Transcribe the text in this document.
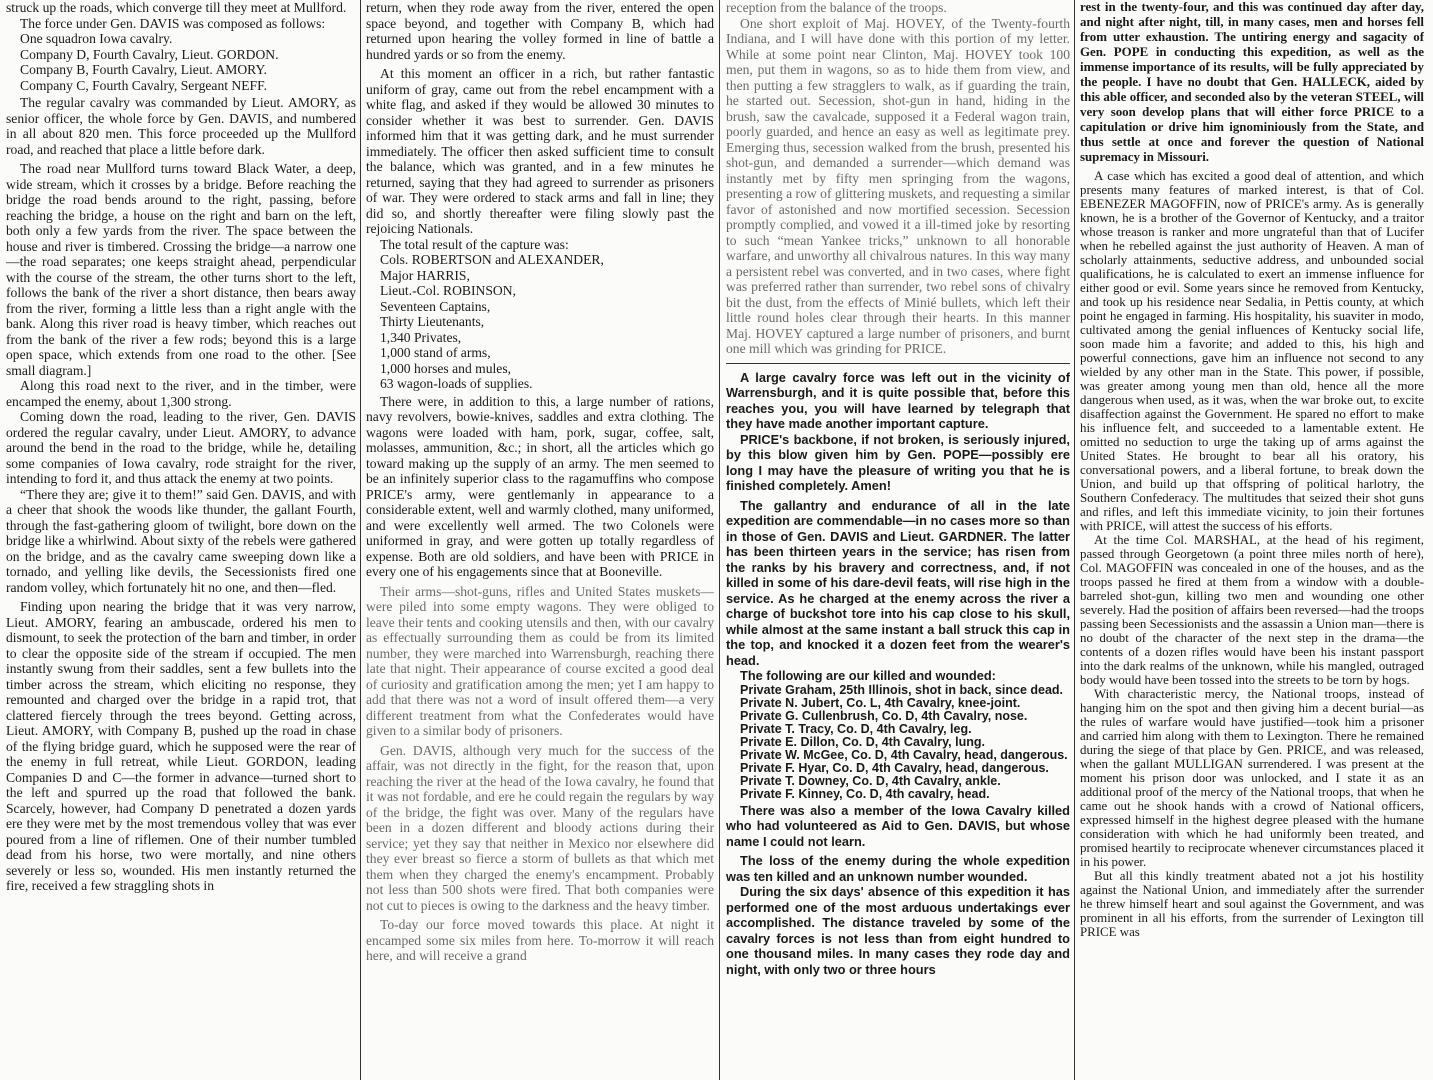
struck up the roads, which converge till they meet at Mullford.

The force under Gen. DAVIS was composed as follows:

One squadron Iowa cavalry.
Company D, Fourth Cavalry, Lieut. GORDON.
Company B, Fourth Cavalry, Lieut. AMORY.
Company C, Fourth Cavalry, Sergeant NEFF.

The regular cavalry was commanded by Lieut. AMORY, as senior officer, the whole force by Gen. DAVIS, and numbered in all about 820 men. This force proceeded up the Mullford road, and reached that place a little before dark.

The road near Mullford turns toward Black Water, a deep, wide stream, which it crosses by a bridge. Before reaching the bridge the road bends around to the right, passing, before reaching the bridge, a house on the right and barn on the left, both only a few yards from the river. The space between the house and river is timbered. Crossing the bridge—a narrow one—the road separates; one keeps straight ahead, perpendicular with the course of the stream, the other turns short to the left, follows the bank of the river a short distance, then bears away from the river, forming a little less than a right angle with the bank. Along this river road is heavy timber, which reaches out from the bank of the river a few rods; beyond this is a large open space, which extends from one road to the other. [See small diagram.]

Along this road next to the river, and in the timber, were encamped the enemy, about 1,300 strong.

Coming down the road, leading to the river, Gen. DAVIS ordered the regular cavalry, under Lieut. AMORY, to advance around the bend in the road to the bridge, while he, detailing some companies of Iowa cavalry, rode straight for the river, intending to ford it, and thus attack the enemy at two points.

“There they are; give it to them!” said Gen. DAVIS, and with a cheer that shook the woods like thunder, the gallant Fourth, through the fast-gathering gloom of twilight, bore down on the bridge like a whirlwind. About sixty of the rebels were gathered on the bridge, and as the cavalry came sweeping down like a tornado, and yelling like devils, the Secessionists fired one random volley, which fortunately hit no one, and then—fled.

Finding upon nearing the bridge that it was very narrow, Lieut. AMORY, fearing an ambuscade, ordered his men to dismount, to seek the protection of the barn and timber, in order to clear the opposite side of the stream if occupied. The men instantly swung from their saddles, sent a few bullets into the timber across the stream, which eliciting no response, they remounted and charged over the bridge in a rapid trot, that clattered fiercely through the trees beyond. Getting across, Lieut. AMORY, with Company B, pushed up the road in chase of the flying bridge guard, which he supposed were the rear of the enemy in full retreat, while Lieut. GORDON, leading Companies D and C—the former in advance—turned short to the left and spurred up the road that followed the bank. Scarcely, however, had Company D penetrated a dozen yards ere they were met by the most tremendous volley that was ever poured from a line of riflemen. One of their number tumbled dead from his horse, two were mortally, and nine others severely or less so, wounded. His men instantly returned the fire, received a few straggling shots in

return, when they rode away from the river, entered the open space beyond, and together with Company B, which had returned upon hearing the volley formed in line of battle a hundred yards or so from the enemy.

At this moment an officer in a rich, but rather fantastic uniform of gray, came out from the rebel encampment with a white flag, and asked if they would be allowed 30 minutes to consider whether it was best to surrender. Gen. DAVIS informed him that it was getting dark, and he must surrender immediately. The officer then asked sufficient time to consult the balance, which was granted, and in a few minutes he returned, saying that they had agreed to surrender as prisoners of war. They were ordered to stack arms and fall in line; they did so, and shortly thereafter were filing slowly past the rejoicing Nationals.

The total result of the capture was:

Cols. ROBERTSON and ALEXANDER,
Major HARRIS,
Lieut.-Col. ROBINSON,
Seventeen Captains,
Thirty Lieutenants,
1,340 Privates,
1,000 stand of arms,
1,000 horses and mules,
63 wagon-loads of supplies.

There were, in addition to this, a large number of rations, navy revolvers, bowie-knives, saddles and extra clothing. The wagons were loaded with ham, pork, sugar, coffee, salt, molasses, ammunition, &c.; in short, all the articles which go toward making up the supply of an army. The men seemed to be an infinitely superior class to the ragamuffins who compose PRICE's army, were gentlemanly in appearance to a considerable extent, well and warmly clothed, many uniformed, and were excellently well armed. The two Colonels were uniformed in gray, and were gotten up totally regardless of expense. Both are old soldiers, and have been with PRICE in every one of his engagements since that at Booneville.

Their arms—shot-guns, rifles and United States muskets—were piled into some empty wagons. They were obliged to leave their tents and cooking utensils and then, with our cavalry as effectually surrounding them as could be from its limited number, they were marched into Warrensburgh, reaching there late that night. Their appearance of course excited a good deal of curiosity and gratification among the men; yet I am happy to add that there was not a word of insult offered them—a very different treatment from what the Confederates would have given to a similar body of prisoners.

Gen. DAVIS, although very much for the success of the affair, was not directly in the fight, for the reason that, upon reaching the river at the head of the Iowa cavalry, he found that it was not fordable, and ere he could regain the regulars by way of the bridge, the fight was over. Many of the regulars have been in a dozen different and bloody actions during their service; yet they say that neither in Mexico nor elsewhere did they ever breast so fierce a storm of bullets as that which met them when they charged the enemy's encampment. Probably not less than 500 shots were fired. That both companies were not cut to pieces is owing to the darkness and the heavy timber.

To-day our force moved towards this place. At night it encamped some six miles from here. To-morrow it will reach here, and will receive a grand

reception from the balance of the troops.

One short exploit of Maj. HOVEY, of the Twenty-fourth Indiana, and I will have done with this portion of my letter. While at some point near Clinton, Maj. HOVEY took 100 men, put them in wagons, so as to hide them from view, and then putting a few stragglers to walk, as if guarding the train, he started out. Secession, shot-gun in hand, hiding in the brush, saw the cavalcade, supposed it a Federal wagon train, poorly guarded, and hence an easy as well as legitimate prey. Emerging thus, secession walked from the brush, presented his shot-gun, and demanded a surrender—which demand was instantly met by fifty men springing from the wagons, presenting a row of glittering muskets, and requesting a similar favor of astonished and now mortified secession. Secession promptly complied, and vowed it a ill-timed joke by resorting to such “mean Yankee tricks,” unknown to all honorable warfare, and unworthy all chivalrous natures. In this way many a persistent rebel was converted, and in two cases, where fight was preferred rather than surrender, two rebel sons of chivalry bit the dust, from the effects of Minié bullets, which left their little round holes clear through their hearts. In this manner Maj. HOVEY captured a large number of prisoners, and burnt one mill which was grinding for PRICE.

A large cavalry force was left out in the vicinity of Warrensburgh, and it is quite possible that, before this reaches you, you will have learned by telegraph that they have made another important capture.

PRICE's backbone, if not broken, is seriously injured, by this blow given him by Gen. POPE—possibly ere long I may have the pleasure of writing you that he is finished completely. Amen!

The gallantry and endurance of all in the late expedition are commendable—in no cases more so than in those of Gen. DAVIS and Lieut. GARDNER. The latter has been thirteen years in the service; has risen from the ranks by his bravery and correctness, and, if not killed in some of his dare-devil feats, will rise high in the service. As he charged at the enemy across the river a charge of buckshot tore into his cap close to his skull, while almost at the same instant a ball struck this cap in the top, and knocked it a dozen feet from the wearer's head.

The following are our killed and wounded:

Private Graham, 25th Illinois, shot in back, since dead.
Private N. Jubert, Co. L, 4th Cavalry, knee-joint.
Private G. Cullenbrush, Co. D, 4th Cavalry, nose.
Private T. Tracy, Co. D, 4th Cavalry, leg.
Private E. Dillon, Co. D, 4th Cavalry, lung.
Private W. McGee, Co. D, 4th Cavalry, head, dangerous.
Private F. Hyar, Co. D, 4th Cavalry, head, dangerous.
Private T. Downey, Co. D, 4th Cavalry, ankle.
Private F. Kinney, Co. D, 4th cavalry, head.

There was also a member of the Iowa Cavalry killed who had volunteered as Aid to Gen. DAVIS, but whose name I could not learn.

The loss of the enemy during the whole expedition was ten killed and an unknown number wounded.

During the six days' absence of this expedition it has performed one of the most arduous undertakings ever accomplished. The distance traveled by some of the cavalry forces is not less than from eight hundred to one thousand miles. In many cases they rode day and night, with only two or three hours

rest in the twenty-four, and this was continued day after day, and night after night, till, in many cases, men and horses fell from utter exhaustion. The untiring energy and sagacity of Gen. POPE in conducting this expedition, as well as the immense importance of its results, will be fully appreciated by the people. I have no doubt that Gen. HALLECK, aided by this able officer, and seconded also by the veteran STEEL, will very soon develop plans that will either force PRICE to a capitulation or drive him ignominiously from the State, and thus settle at once and forever the question of National supremacy in Missouri.

A case which has excited a good deal of attention, and which presents many features of marked interest, is that of Col. EBENEZER MAGOFFIN, now of PRICE's army. As is generally known, he is a brother of the Governor of Kentucky, and a traitor whose treason is ranker and more ungrateful than that of Lucifer when he rebelled against the just authority of Heaven. A man of scholarly attainments, seductive address, and unbounded social qualifications, he is calculated to exert an immense influence for either good or evil. Some years since he removed from Kentucky, and took up his residence near Sedalia, in Pettis county, at which point he engaged in farming. His hospitality, his suaviter in modo, cultivated among the genial influences of Kentucky social life, soon made him a favorite; and added to this, his high and powerful connections, gave him an influence not second to any wielded by any other man in the State. This power, if possible, was greater among young men than old, hence all the more dangerous when used, as it was, when the war broke out, to excite disaffection against the Government. He spared no effort to make his influence felt, and succeeded to a lamentable extent. He omitted no seduction to urge the taking up of arms against the United States. He brought to bear all his oratory, his conversational powers, and a liberal fortune, to break down the Union, and build up that offspring of political harlotry, the Southern Confederacy. The multitudes that seized their shot guns and rifles, and left this immediate vicinity, to join their fortunes with PRICE, will attest the success of his efforts.

At the time Col. MARSHAL, at the head of his regiment, passed through Georgetown (a point three miles north of here), Col. MAGOFFIN was concealed in one of the houses, and as the troops passed he fired at them from a window with a double-barreled shot-gun, killing two men and wounding one other severely. Had the position of affairs been reversed—had the troops passing been Secessionists and the assassin a Union man—there is no doubt of the character of the next step in the drama—the contents of a dozen rifles would have been his instant passport into the dark realms of the unknown, while his mangled, outraged body would have been tossed into the streets to be torn by hogs.

With characteristic mercy, the National troops, instead of hanging him on the spot and then giving him a decent burial—as the rules of warfare would have justified—took him a prisoner and carried him along with them to Lexington. There he remained during the siege of that place by Gen. PRICE, and was released, when the gallant MULLIGAN surrendered. I was present at the moment his prison door was unlocked, and I state it as an additional proof of the mercy of the National troops, that when he came out he shook hands with a crowd of National officers, expressed himself in the highest degree pleased with the humane consideration with which he had uniformly been treated, and promised heartily to reciprocate whenever circumstances placed it in his power.

But all this kindly treatment abated not a jot his hostility against the National Union, and immediately after the surrender he threw himself heart and soul against the Government, and was prominent in all his efforts, from the surrender of Lexington till PRICE was
